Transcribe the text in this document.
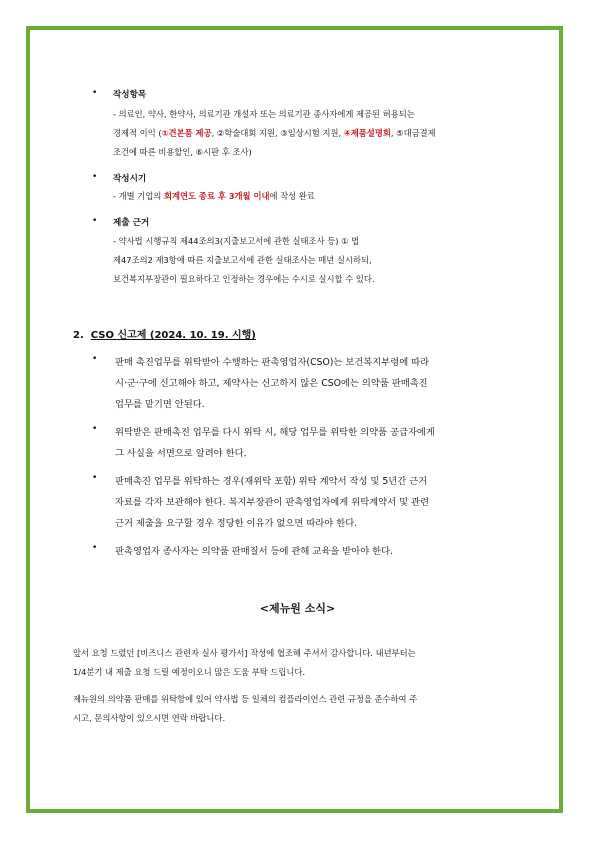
• 작성항목
- 의료인, 약사, 한약사, 의료기관 개설자 또는 의료기관 종사자에게 제공된 허용되는
경제적 이익 (①견본품 제공, ②학술대회 지원, ③임상시험 지원, ④제품설명회, ⑤대금결제
조건에 따른 비용할인, ⑥시판 후 조사)
• 작성시기
- 개별 기업의 회계연도 종료 후 3개월 이내에 작성 완료
• 제출 근거
- 약사법 시행규칙 제44조의3(지출보고서에 관한 실태조사 등) ① 법
제47조의2 제3항에 따른 지출보고서에 관한 실태조사는 매년 실시하되,
보건복지부장관이 필요하다고 인정하는 경우에는 수시로 실시할 수 있다.
2. CSO 신고제 (2024. 10. 19. 시행)
• 판매 촉진업무를 위탁받아 수행하는 판촉영업자(CSO)는 보건복지부령에 따라
시·군·구에 신고해야 하고, 제약사는 신고하지 않은 CSO에는 의약품 판매촉진
업무를 맡기면 안된다.
• 위탁받은 판매촉진 업무를 다시 위탁 시, 해당 업무를 위탁한 의약품 공급자에게
그 사실을 서면으로 알려야 한다.
• 판매촉진 업무를 위탁하는 경우(재위탁 포함) 위탁 계약서 작성 및 5년간 근거
자료를 각자 보관해야 한다. 복지부장관이 판촉영업자에게 위탁계약서 및 관련
근거 제출을 요구할 경우 정당한 이유가 없으면 따라야 한다.
• 판촉영업자 종사자는 의약품 판매질서 등에 관해 교육을 받아야 한다.
<제뉴원 소식>
앞서 요청 드렸던 [비즈니스 관련자 실사 평가서] 작성에 협조해 주셔서 감사합니다. 내년부터는
1/4분기 내 제출 요청 드릴 예정이오니 많은 도움 부탁 드립니다.
제뉴원의 의약품 판매를 위탁함에 있어 약사법 등 일체의 컴플라이언스 관련 규정을 준수하여 주
시고, 문의사항이 있으시면 연락 바랍니다.
